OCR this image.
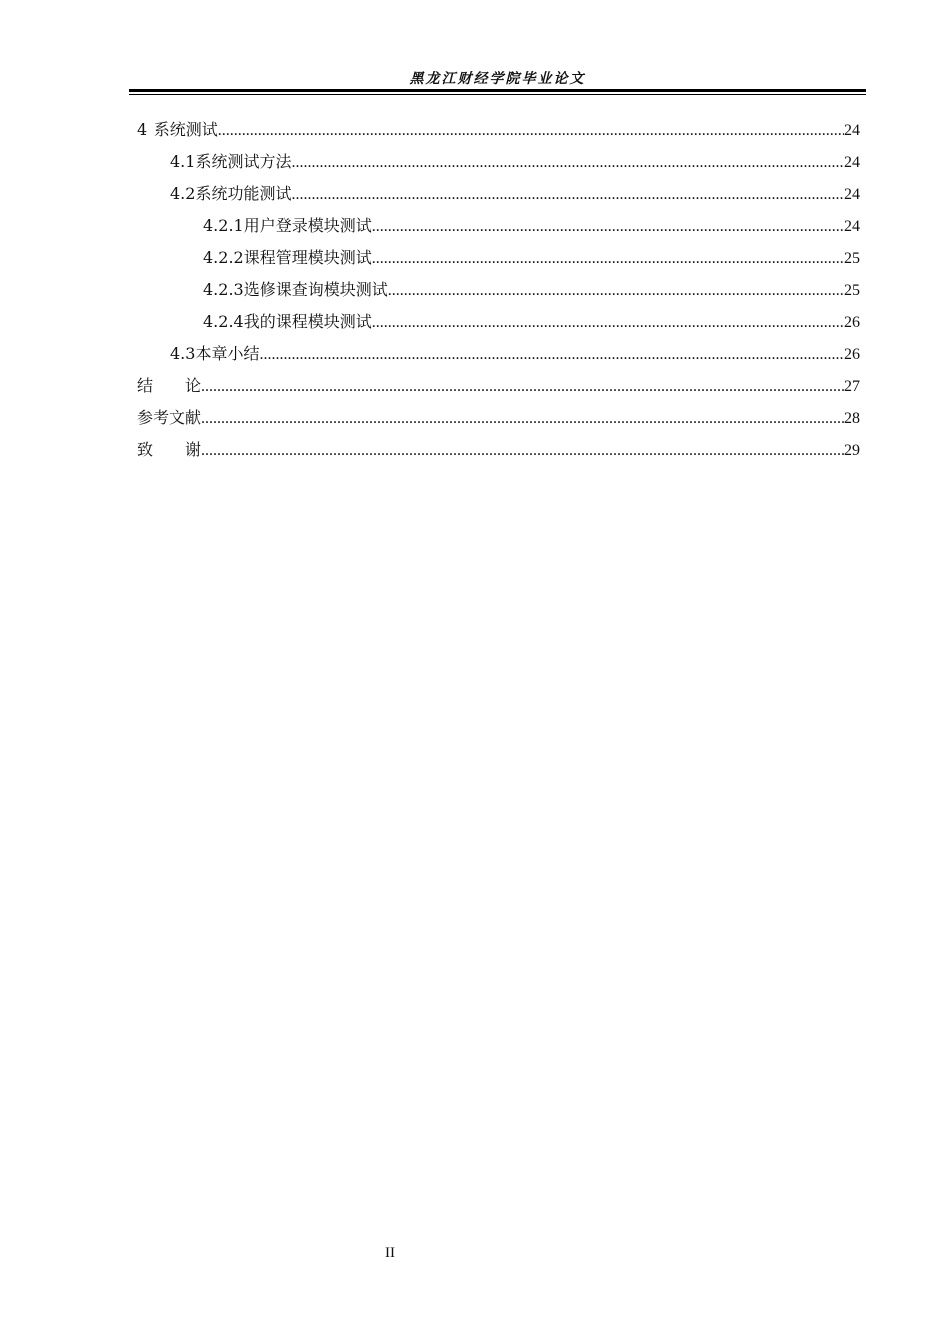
黑龙江财经学院毕业论文
4 系统测试 .....	24
4.1 系统测试方法 .....	24
4.2 系统功能测试 .....	24
4.2.1 用户登录模块测试 .....	24
4.2.2 课程管理模块测试 .....	25
4.2.3 选修课查询模块测试 .....	25
4.2.4 我的课程模块测试 .....	26
4.3 本章小结 .....	26
结　　论 .....	27
参考文献 .....	28
致　　谢 .....	29
II
